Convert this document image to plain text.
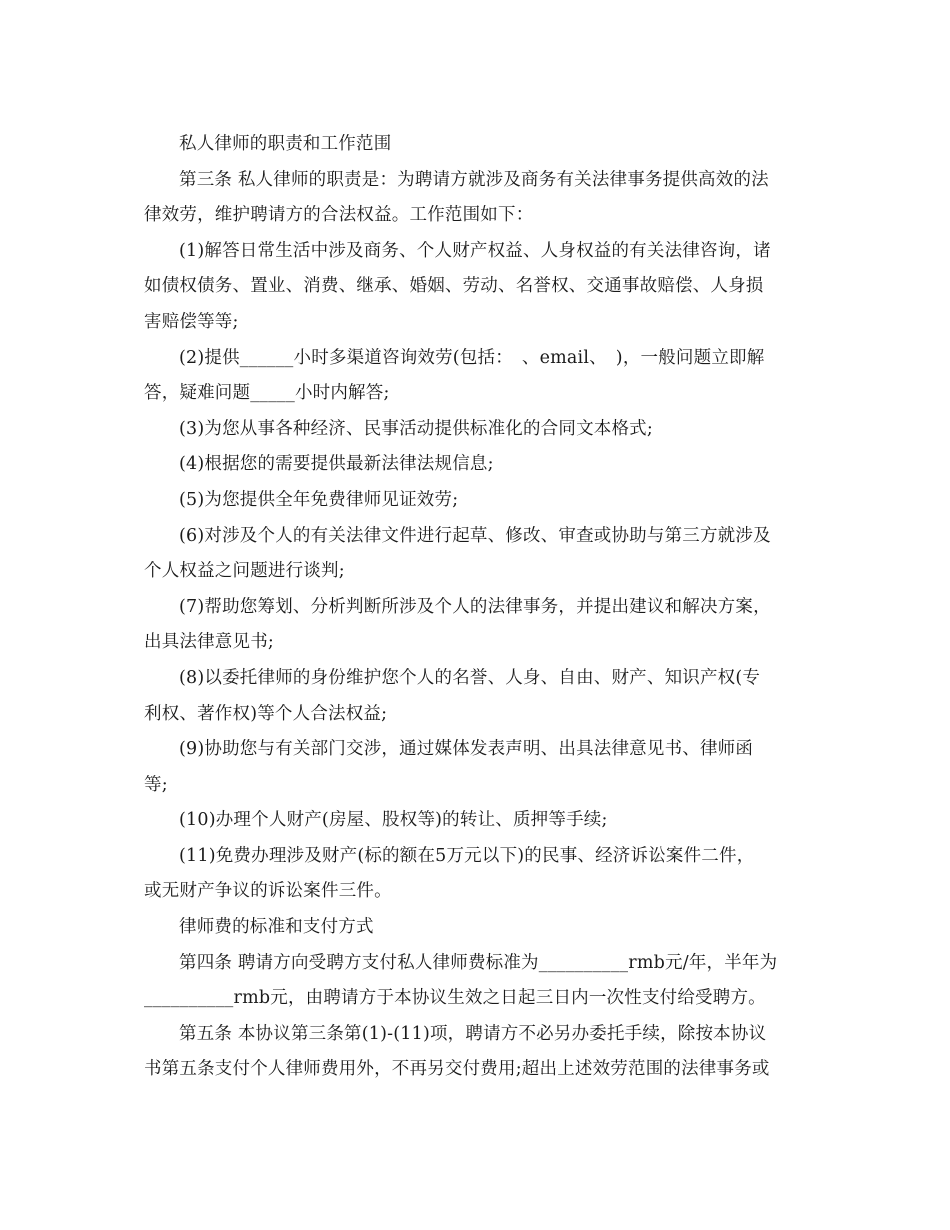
私人律师的职责和工作范围
第三条 私人律师的职责是：为聘请方就涉及商务有关法律事务提供高效的法
律效劳，维护聘请方的合法权益。工作范围如下：
(1)解答日常生活中涉及商务、个人财产权益、人身权益的有关法律咨询，诸
如债权债务、置业、消费、继承、婚姻、劳动、名誉权、交通事故赔偿、人身损
害赔偿等等;
(2)提供______小时多渠道咨询效劳(包括：　、email、　)，一般问题立即解
答，疑难问题_____小时内解答;
(3)为您从事各种经济、民事活动提供标准化的合同文本格式;
(4)根据您的需要提供最新法律法规信息;
(5)为您提供全年免费律师见证效劳;
(6)对涉及个人的有关法律文件进行起草、修改、审查或协助与第三方就涉及
个人权益之问题进行谈判;
(7)帮助您筹划、分析判断所涉及个人的法律事务，并提出建议和解决方案，
出具法律意见书;
(8)以委托律师的身份维护您个人的名誉、人身、自由、财产、知识产权(专
利权、著作权)等个人合法权益;
(9)协助您与有关部门交涉，通过媒体发表声明、出具法律意见书、律师函
等;
(10)办理个人财产(房屋、股权等)的转让、质押等手续;
(11)免费办理涉及财产(标的额在5万元以下)的民事、经济诉讼案件二件，
或无财产争议的诉讼案件三件。
律师费的标准和支付方式
第四条 聘请方向受聘方支付私人律师费标准为__________rmb元/年，半年为
__________rmb元，由聘请方于本协议生效之日起三日内一次性支付给受聘方。
第五条 本协议第三条第(1)-(11)项，聘请方不必另办委托手续，除按本协议
书第五条支付个人律师费用外，不再另交付费用;超出上述效劳范围的法律事务或
